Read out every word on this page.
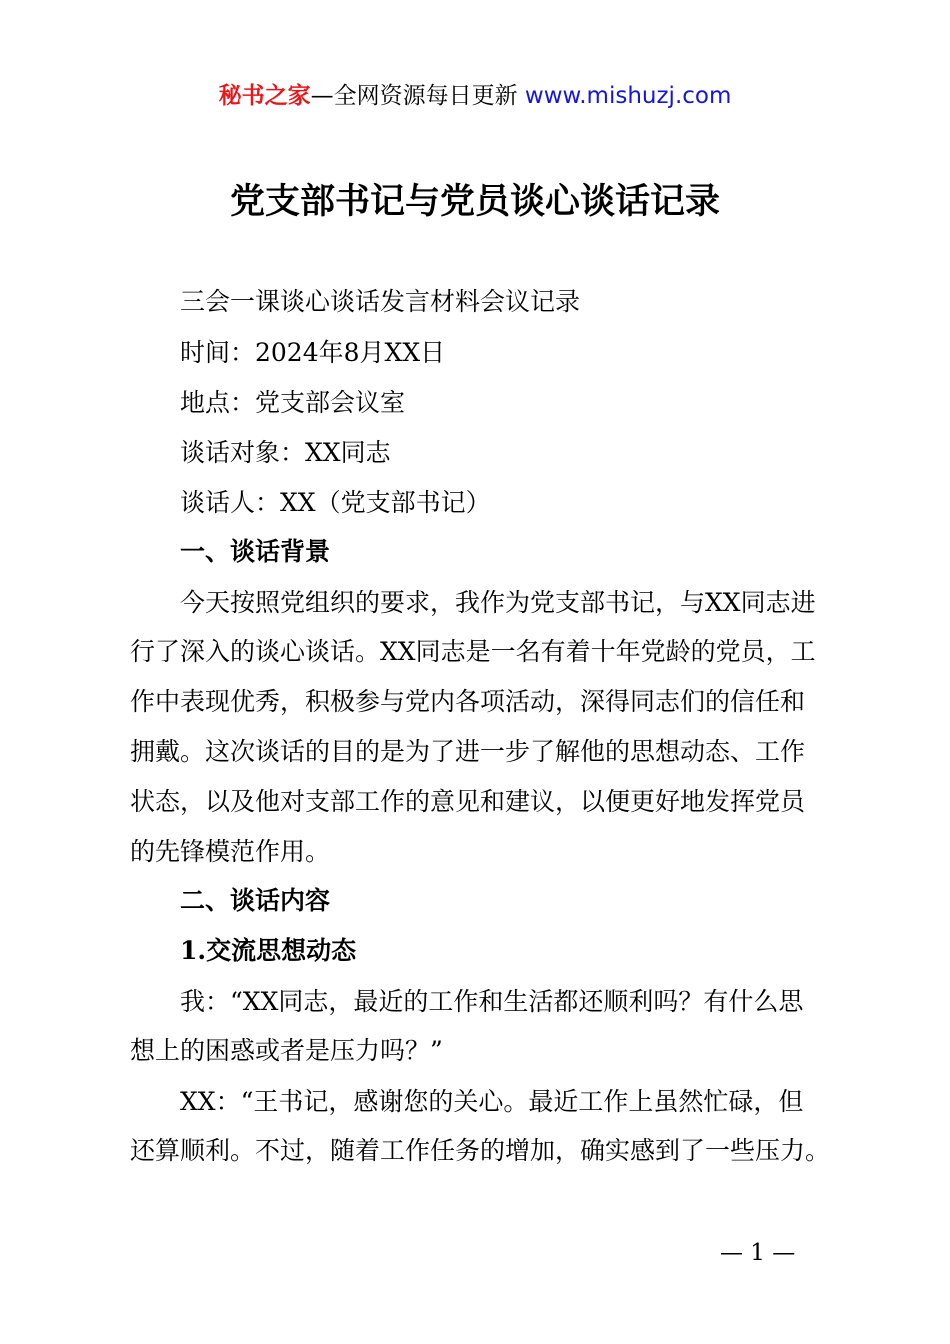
秘书之家—全网资源每日更新 www.mishuzj.com
党支部书记与党员谈心谈话记录

三会一课谈心谈话发言材料会议记录

时间：2024年8月XX日

地点：党支部会议室

谈话对象：XX同志

谈话人：XX（党支部书记）

一、谈话背景

今天按照党组织的要求，我作为党支部书记，与XX同志进

行了深入的谈心谈话。XX同志是一名有着十年党龄的党员，工

作中表现优秀，积极参与党内各项活动，深得同志们的信任和

拥戴。这次谈话的目的是为了进一步了解他的思想动态、工作

状态，以及他对支部工作的意见和建议，以便更好地发挥党员

的先锋模范作用。

二、谈话内容

1.交流思想动态

我：“XX同志，最近的工作和生活都还顺利吗？有什么思

想上的困惑或者是压力吗？”

XX：“王书记，感谢您的关心。最近工作上虽然忙碌，但

还算顺利。不过，随着工作任务的增加，确实感到了一些压力。

— 1 —
